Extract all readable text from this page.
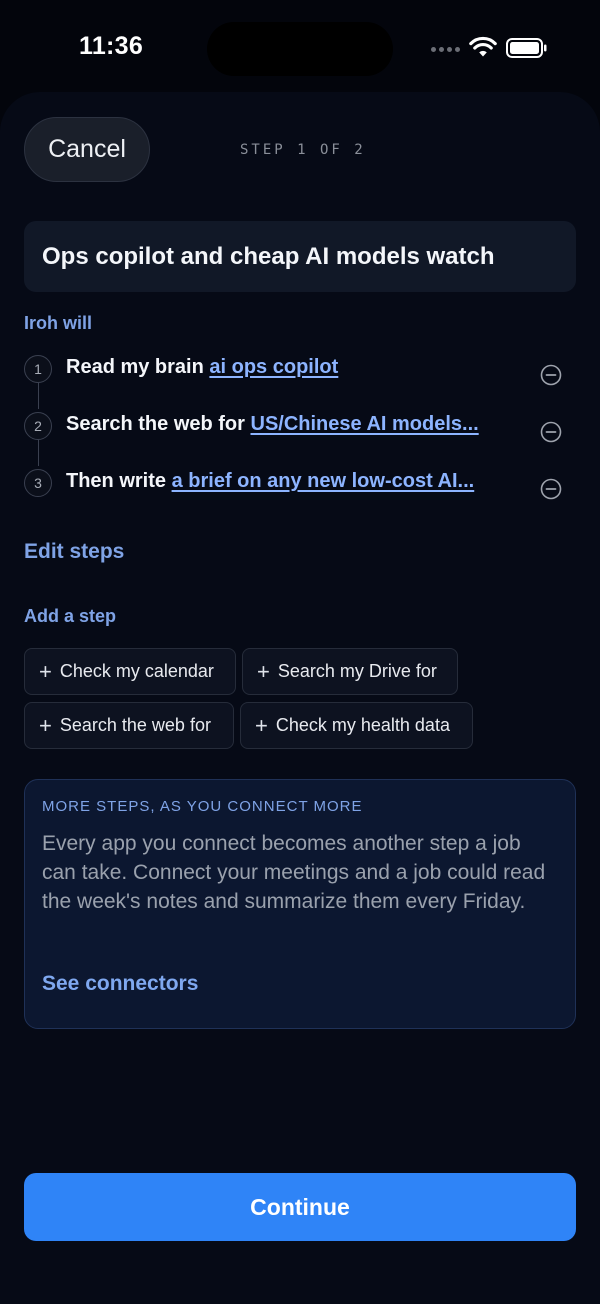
11:36
Cancel	STEP 1 OF 2
Ops copilot and cheap AI models watch
Iroh will
1	Read my brain ai ops copilot
2	Search the web for US/Chinese AI models...
3	Then write a brief on any new low-cost AI...
Edit steps
Add a step
+ Check my calendar + Search my Drive for
+ Search the web for + Check my health data
MORE STEPS, AS YOU CONNECT MORE
Every app you connect becomes another step a job can take. Connect your meetings and a job could read the week's notes and summarize them every Friday.
See connectors
Continue
